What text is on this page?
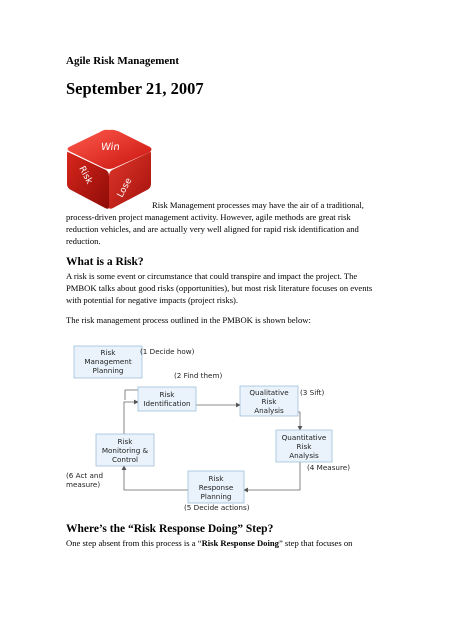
Agile Risk Management
September 21, 2007
Win
Risk
Lose
Risk Management processes may have the air of a traditional,
process-driven project management activity. However, agile methods are great risk
reduction vehicles, and are actually very well aligned for rapid risk identification and
reduction.
What is a Risk?
A risk is some event or circumstance that could transpire and impact the project. The
PMBOK talks about good risks (opportunities), but most risk literature focuses on events
with potential for negative impacts (project risks).
The risk management process outlined in the PMBOK is shown below:
Risk
Management
Planning
Risk
Identification
Qualitative
Risk
Analysis
Quantitative
Risk
Analysis
Risk
Monitoring &
Control
Risk
Response
Planning
(1 Decide how)
(2 Find them)
(3 Sift)
(4 Measure)
(5 Decide actions)
(6 Act and
measure)
Where’s the “Risk Response Doing” Step?
One step absent from this process is a “Risk Response Doing” step that focuses on
